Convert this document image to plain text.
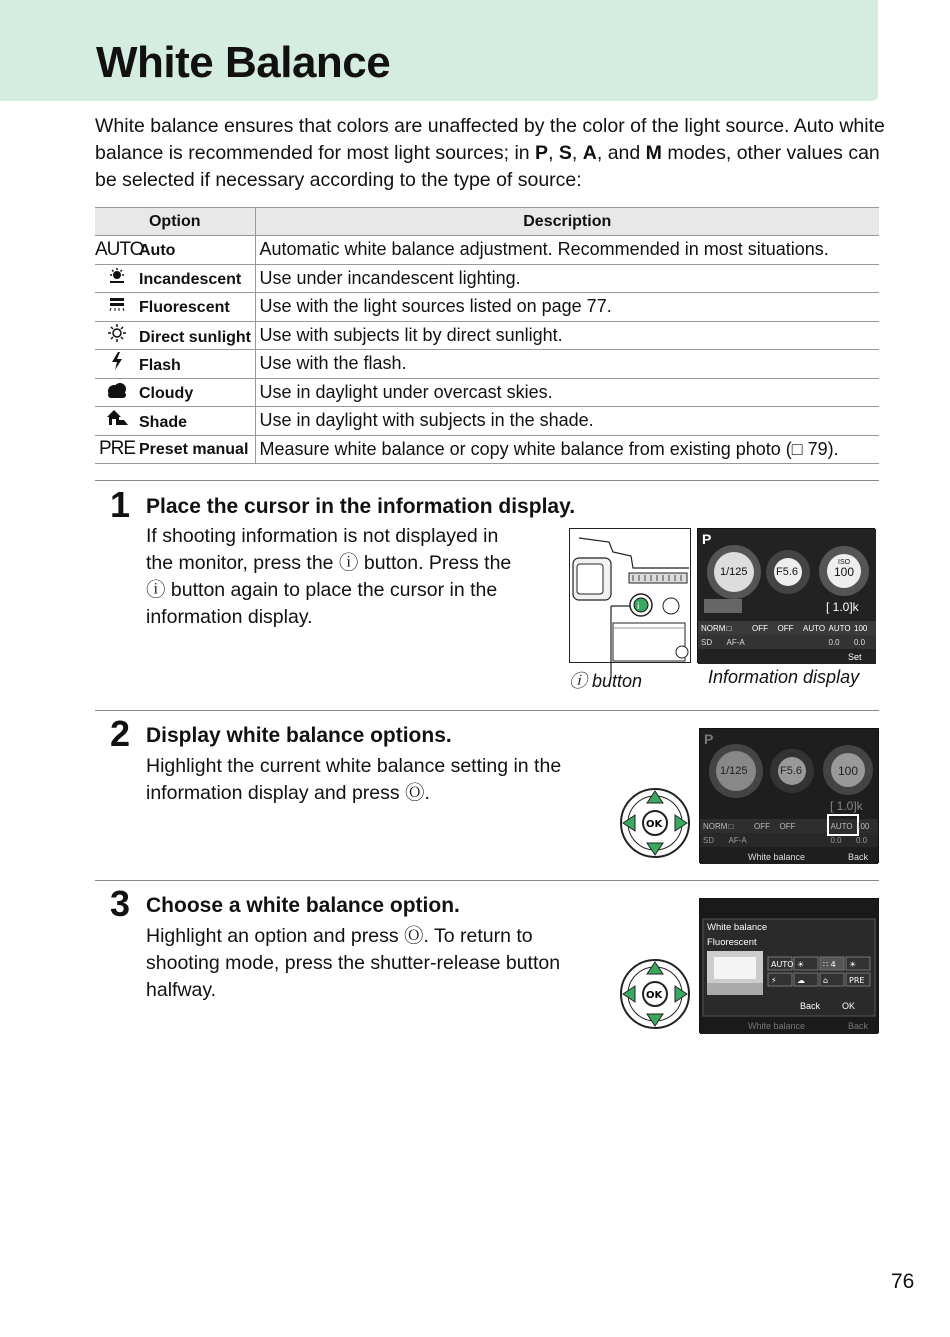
White Balance

White balance ensures that colors are unaffected by the color of the light source. Auto white balance is recommended for most light sources; in P, S, A, and M modes, other values can be selected if necessary according to the type of source:

Option	Description
AUTOAuto	Automatic white balance adjustment. Recommended in most situations.
Incandescent	Use under incandescent lighting.
Fluorescent	Use with the light sources listed on page 77.
Direct sunlight	Use with subjects lit by direct sunlight.
Flash	Use with the flash.
Cloudy	Use in daylight under overcast skies.
Shade	Use in daylight with subjects in the shade.
PRE Preset manual	Measure white balance or copy white balance from existing photo (□ 79).
1 Place the cursor in the information display.
If shooting information is not displayed in
the monitor, press the ⓘ button. Press the
ⓘ button again to place the cursor in the
information display.	i
P
1/125	F5.6
ISO
100
[ 1.0]k
NORM □	OFF OFF AUTO AUTO 100
SD AF-A	0.0 0.0
Set
ⓘ button	Information display
2 Display white balance options.
Highlight the current white balance setting in the
information display and press Ⓞ.
OK
P
1/125	F5.6	100
[ 1.0]k
NORM □	OFF OFF	AUTO 100
SD AF-A	0.0 0.0
White balance	Back
3 Choose a white balance option.
Highlight an option and press Ⓞ. To return to
shooting mode, press the shutter-release button
halfway.	OK
White balance
Fluorescent
AUTO ☀ ∷ 4 ☀
⚡	☁ ⌂	PRE
Back OK
White balance	Back
76
